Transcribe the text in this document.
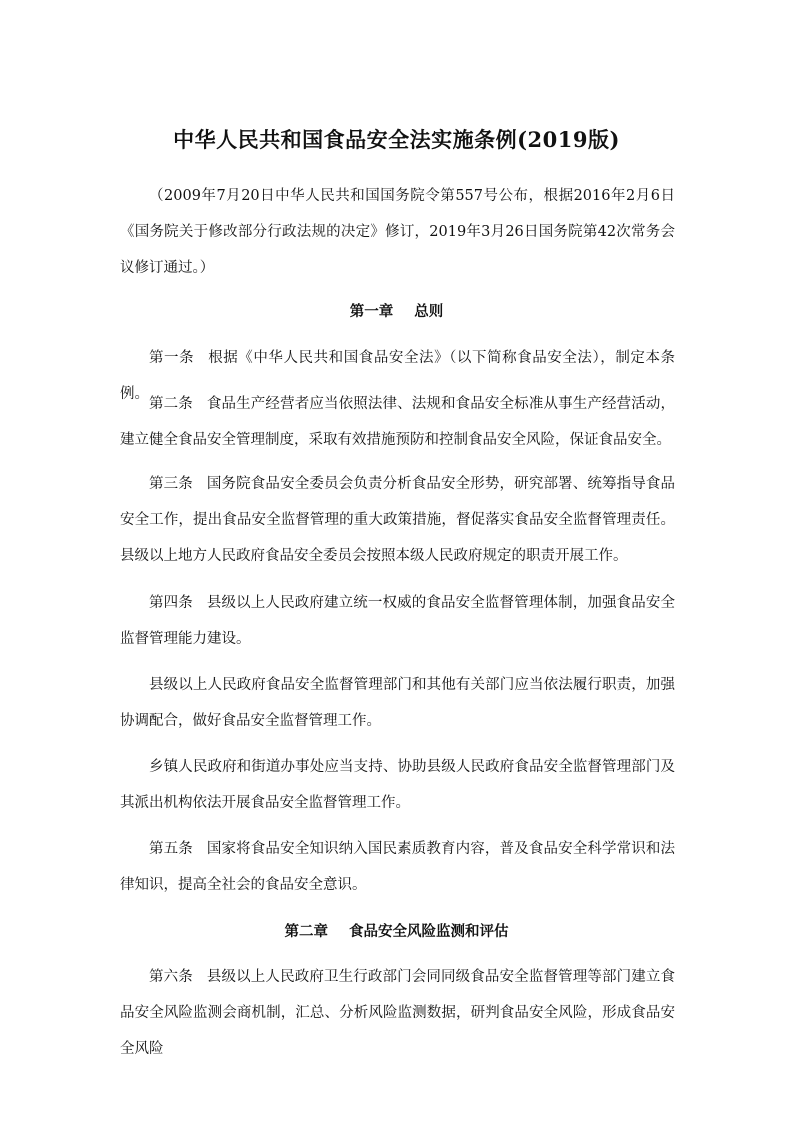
中华人民共和国食品安全法实施条例(2019版)

（2009年7月20日中华人民共和国国务院令第557号公布，根据2016年2月6日《国务院关于修改部分行政法规的决定》修订，2019年3月26日国务院第42次常务会议修订通过。）

第一章 总则

第一条 根据《中华人民共和国食品安全法》（以下简称食品安全法），制定本条例。

第二条 食品生产经营者应当依照法律、法规和食品安全标准从事生产经营活动，建立健全食品安全管理制度，采取有效措施预防和控制食品安全风险，保证食品安全。

第三条 国务院食品安全委员会负责分析食品安全形势，研究部署、统筹指导食品安全工作，提出食品安全监督管理的重大政策措施，督促落实食品安全监督管理责任。县级以上地方人民政府食品安全委员会按照本级人民政府规定的职责开展工作。

第四条 县级以上人民政府建立统一权威的食品安全监督管理体制，加强食品安全监督管理能力建设。

县级以上人民政府食品安全监督管理部门和其他有关部门应当依法履行职责，加强协调配合，做好食品安全监督管理工作。

乡镇人民政府和街道办事处应当支持、协助县级人民政府食品安全监督管理部门及其派出机构依法开展食品安全监督管理工作。

第五条 国家将食品安全知识纳入国民素质教育内容，普及食品安全科学常识和法律知识，提高全社会的食品安全意识。

第二章 食品安全风险监测和评估

第六条 县级以上人民政府卫生行政部门会同同级食品安全监督管理等部门建立食品安全风险监测会商机制，汇总、分析风险监测数据，研判食品安全风险，形成食品安全风险
